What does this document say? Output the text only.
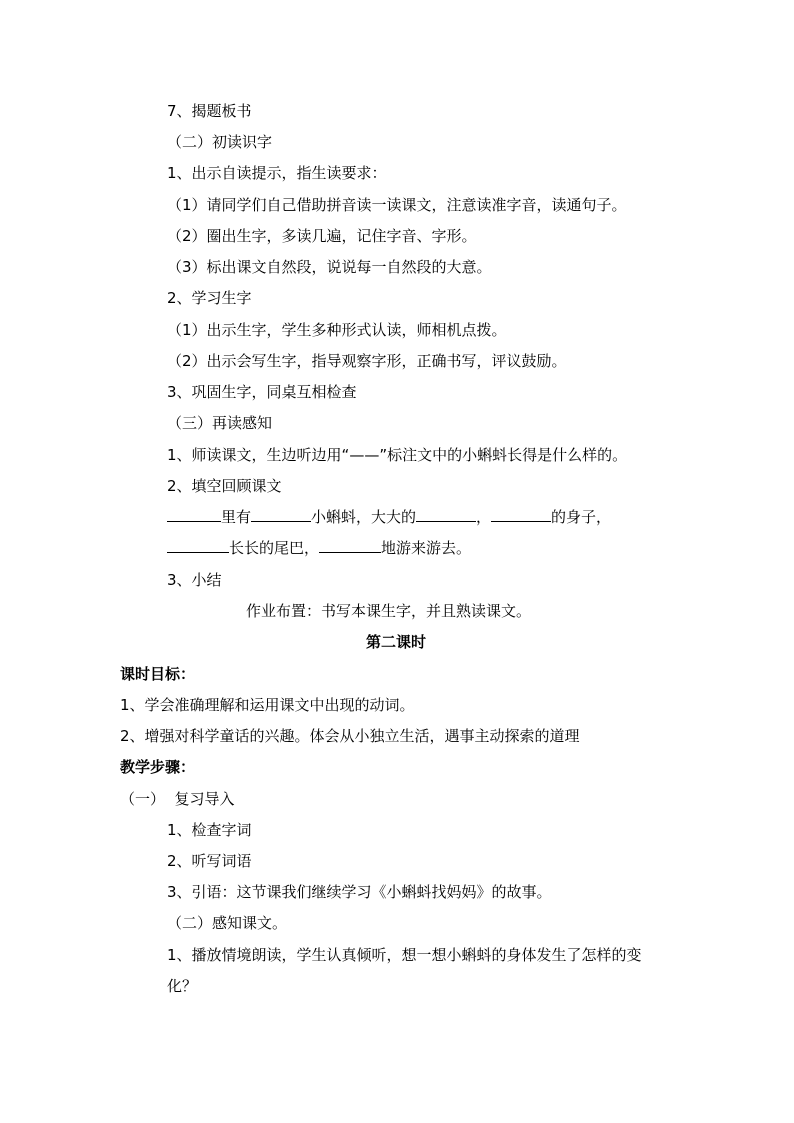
7、揭题板书
（二）初读识字
1、出示自读提示，指生读要求：
（1）请同学们自己借助拼音读一读课文，注意读准字音，读通句子。
（2）圈出生字，多读几遍，记住字音、字形。
（3）标出课文自然段，说说每一自然段的大意。
2、学习生字
（1）出示生字，学生多种形式认读，师相机点拨。
（2）出示会写生字，指导观察字形，正确书写，评议鼓励。
3、巩固生字，同桌互相检查
（三）再读感知
1、师读课文，生边听边用“——”标注文中的小蝌蚪长得是什么样的。
2、填空回顾课文
里有	小蝌蚪，大大的	，	的身子，
长长的尾巴，	地游来游去。
3、小结
作业布置：书写本课生字，并且熟读课文。
第二课时
课时目标：
1、学会准确理解和运用课文中出现的动词。
2、增强对科学童话的兴趣。体会从小独立生活，遇事主动探索的道理
教学步骤：
（一）  复习导入
1、检查字词
2、听写词语
3、引语：这节课我们继续学习《小蝌蚪找妈妈》的故事。
（二）感知课文。
1、播放情境朗读，学生认真倾听，想一想小蝌蚪的身体发生了怎样的变
化？
